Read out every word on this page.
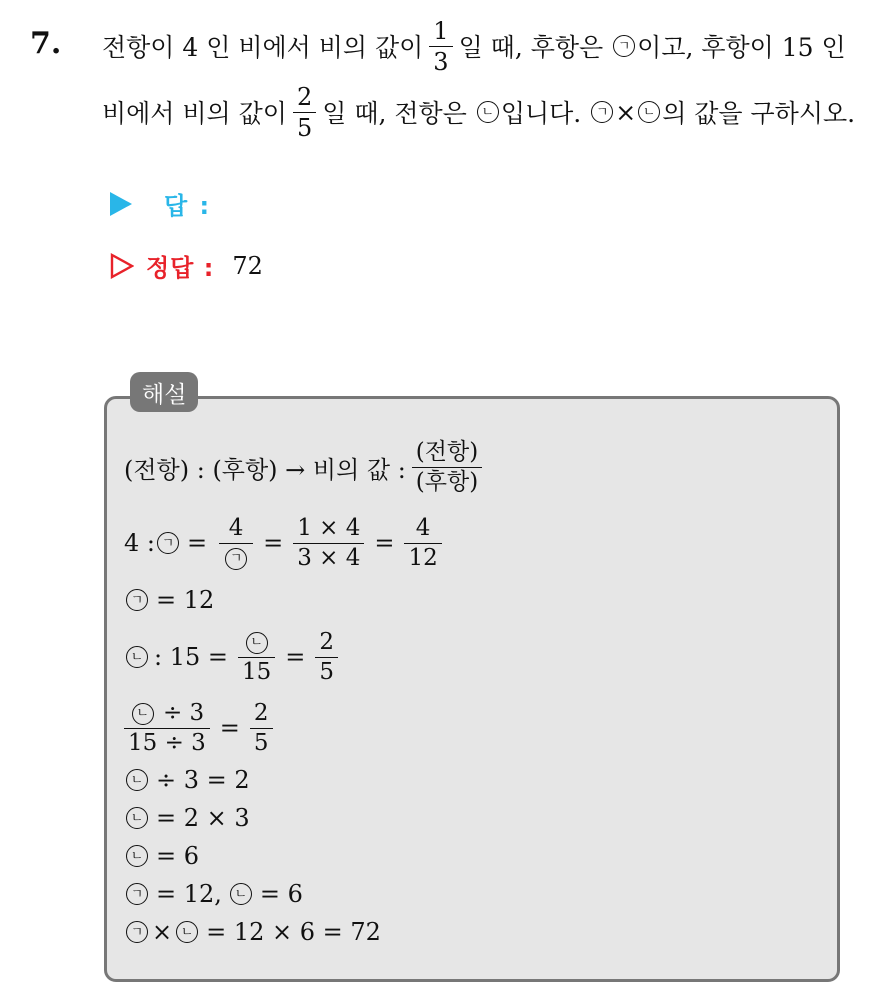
7. 전항이 4 인 비에서 비의 값이 $\frac{1}{3}$ 일 때, 후항은	ㄱ 이고, 후항이 15 인
비에서 비의 값이 $\frac{2}{5}$ 일 때, 전항은	ㄴ 입니다.	ㄱ × ㄴ 의 값을 구하시오.
답 :
정답 : 72
해설
(전항) : (후항) → 비의 값 : $\frac{\text{(전항)}}{\text{(후항)}}$
4 : ㄱ = $\frac{4}{\text{ㄱ}} = \frac{1 \times 4}{3 \times 4} = \frac{4}{12}$
ㄱ = 12
ㄴ : $15 = \frac{\text{ㄴ}}{15} = \frac{2}{5}$
$\frac{\text{ㄴ ÷ 3}}{15 \div 3} = \frac{2}{5}$
ㄴ ÷ 3 = 2
ㄴ = 2 × 3
ㄴ = 6
ㄱ = 12, ㄴ = 6
ㄱ × ㄴ = 12 × 6 = 72
